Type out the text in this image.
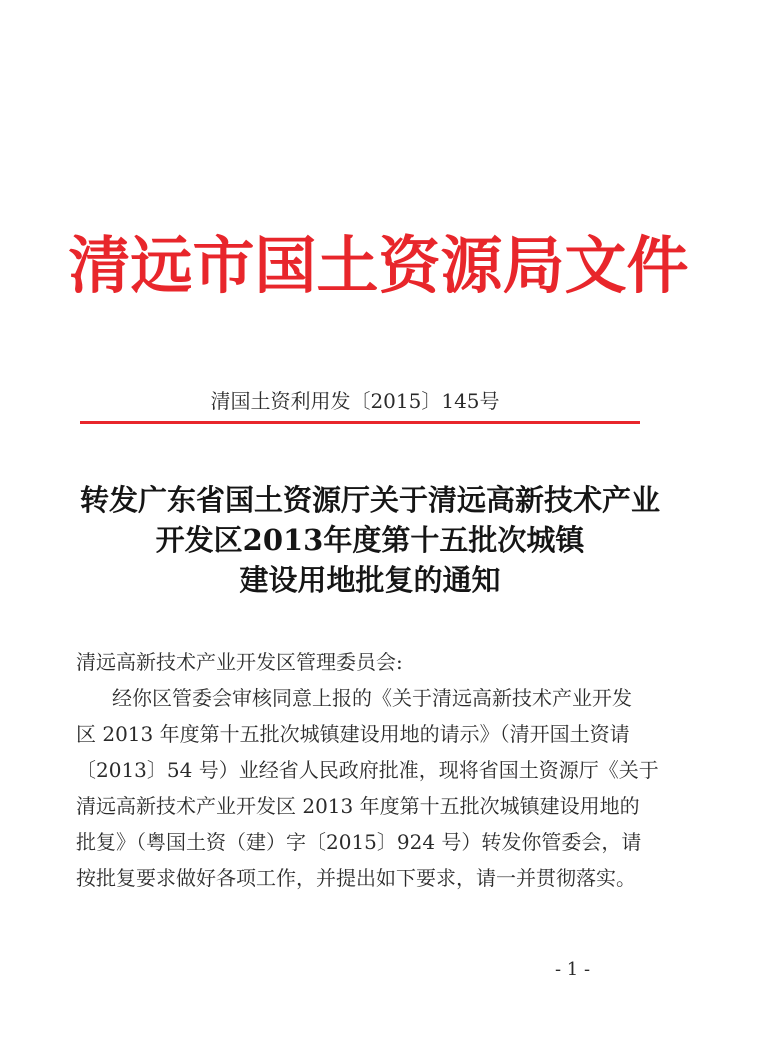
清远市国土资源局文件
清国土资利用发〔2015〕145号
转发广东省国土资源厅关于清远高新技术产业
开发区2013年度第十五批次城镇
建设用地批复的通知
清远高新技术产业开发区管理委员会:
经你区管委会审核同意上报的《关于清远高新技术产业开发
区 2013 年度第十五批次城镇建设用地的请示》（清开国土资请
〔2013〕54 号）业经省人民政府批准，现将省国土资源厅《关于
清远高新技术产业开发区 2013 年度第十五批次城镇建设用地的
批复》（粤国土资（建）字〔2015〕924 号）转发你管委会，请
按批复要求做好各项工作，并提出如下要求，请一并贯彻落实。
- 1 -
